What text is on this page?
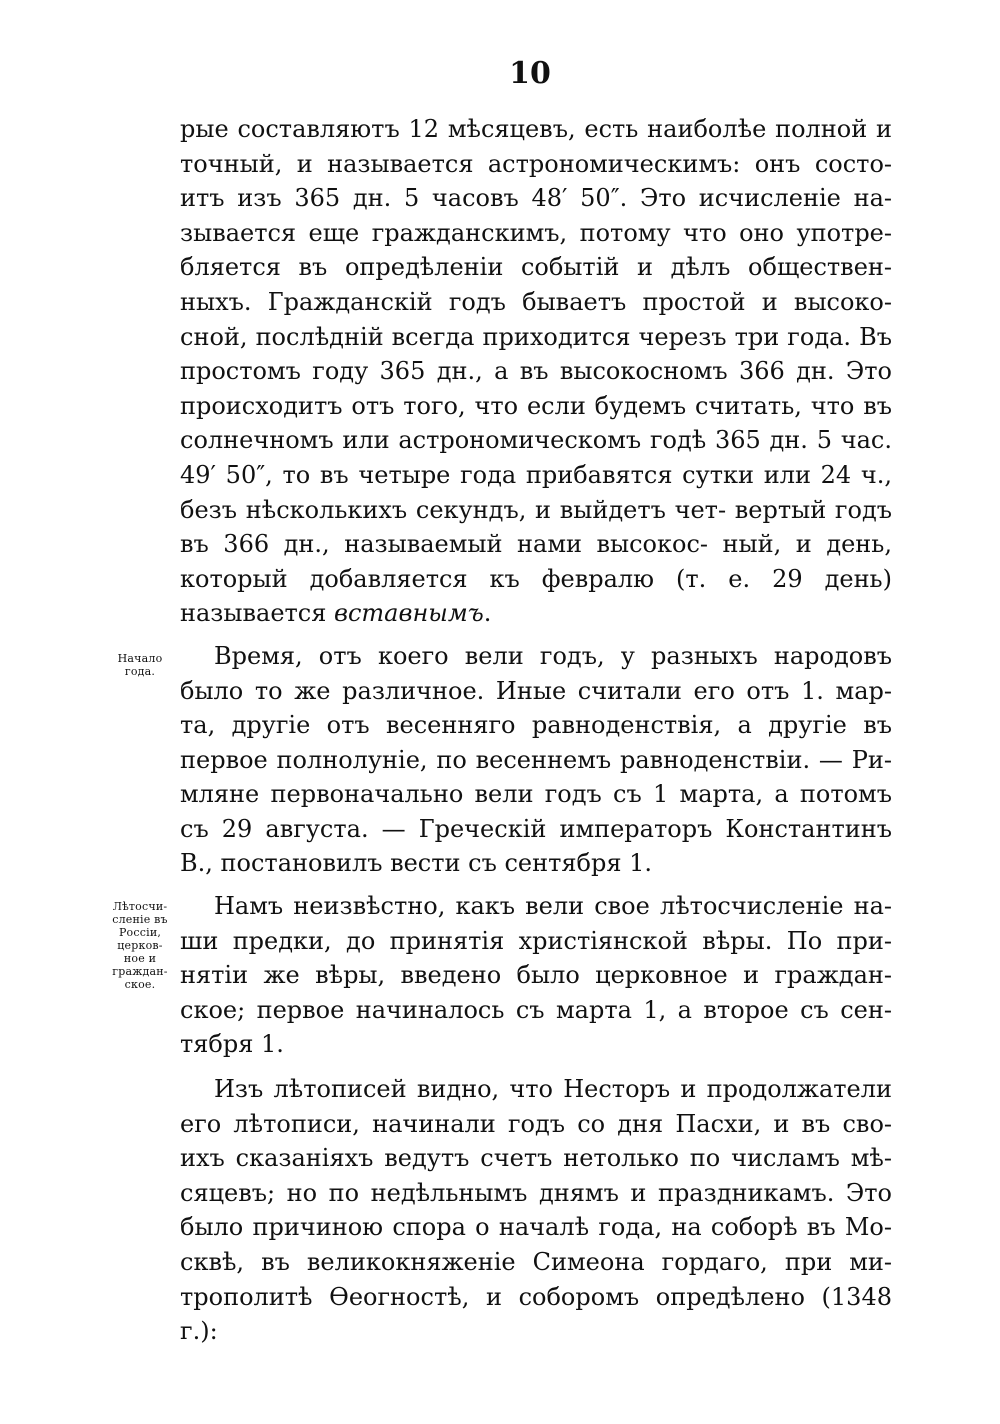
10
Начало
года.
Лѣтосчи-
сленіе въ
Россіи,
церков-
ное и
граждан-
ское.

рые составляютъ 12 мѣсяцевъ, есть наиболѣе полной и точный, и называется астрономическимъ: онъ состо- итъ изъ 365 дн. 5 часовъ 48′ 50″. Это исчисленіе на- зывается еще гражданскимъ, потому что оно употре- бляется въ опредѣленіи событій и дѣлъ обществен- ныхъ. Гражданскій годъ бываетъ простой и высоко- сной, послѣдній всегда приходится черезъ три года. Въ простомъ году 365 дн., а въ высокосномъ 366 дн. Это происходитъ отъ того, что если будемъ считать, что въ солнечномъ или астрономическомъ годѣ 365 дн. 5 час. 49′ 50″, то въ четыре года прибавятся сутки или 24 ч., безъ нѣсколькихъ секундъ, и выйдетъ чет- вертый годъ въ 366 дн., называемый нами высокос- ный, и день, который добавляется къ февралю (т. е. 29 день) называется вставнымъ.

Время, отъ коего вели годъ, у разныхъ народовъ было то же различное. Иные считали его отъ 1. мар- та, другіе отъ весенняго равноденствія, а другіе въ первое полнолуніе, по весеннемъ равноденствіи. — Ри- мляне первоначально вели годъ съ 1 марта, а потомъ съ 29 августа. — Греческій императоръ Константинъ В., постановилъ вести съ сентября 1.

Намъ неизвѣстно, какъ вели свое лѣтосчисленіе на- ши предки, до принятія христіянской вѣры. По при- нятіи же вѣры, введено было церковное и граждан- ское; первое начиналось съ марта 1, а второе съ сен- тября 1.

Изъ лѣтописей видно, что Несторъ и продолжатели его лѣтописи, начинали годъ со дня Пасхи, и въ сво- ихъ сказаніяхъ ведутъ счетъ нетолько по числамъ мѣ- сяцевъ; но по недѣльнымъ днямъ и праздникамъ. Это было причиною спора о началѣ года, на соборѣ въ Мо- сквѣ, въ великокняженіе Симеона гордаго, при ми- трополитѣ Ѳеогностѣ, и соборомъ опредѣлено (1348 г.):
